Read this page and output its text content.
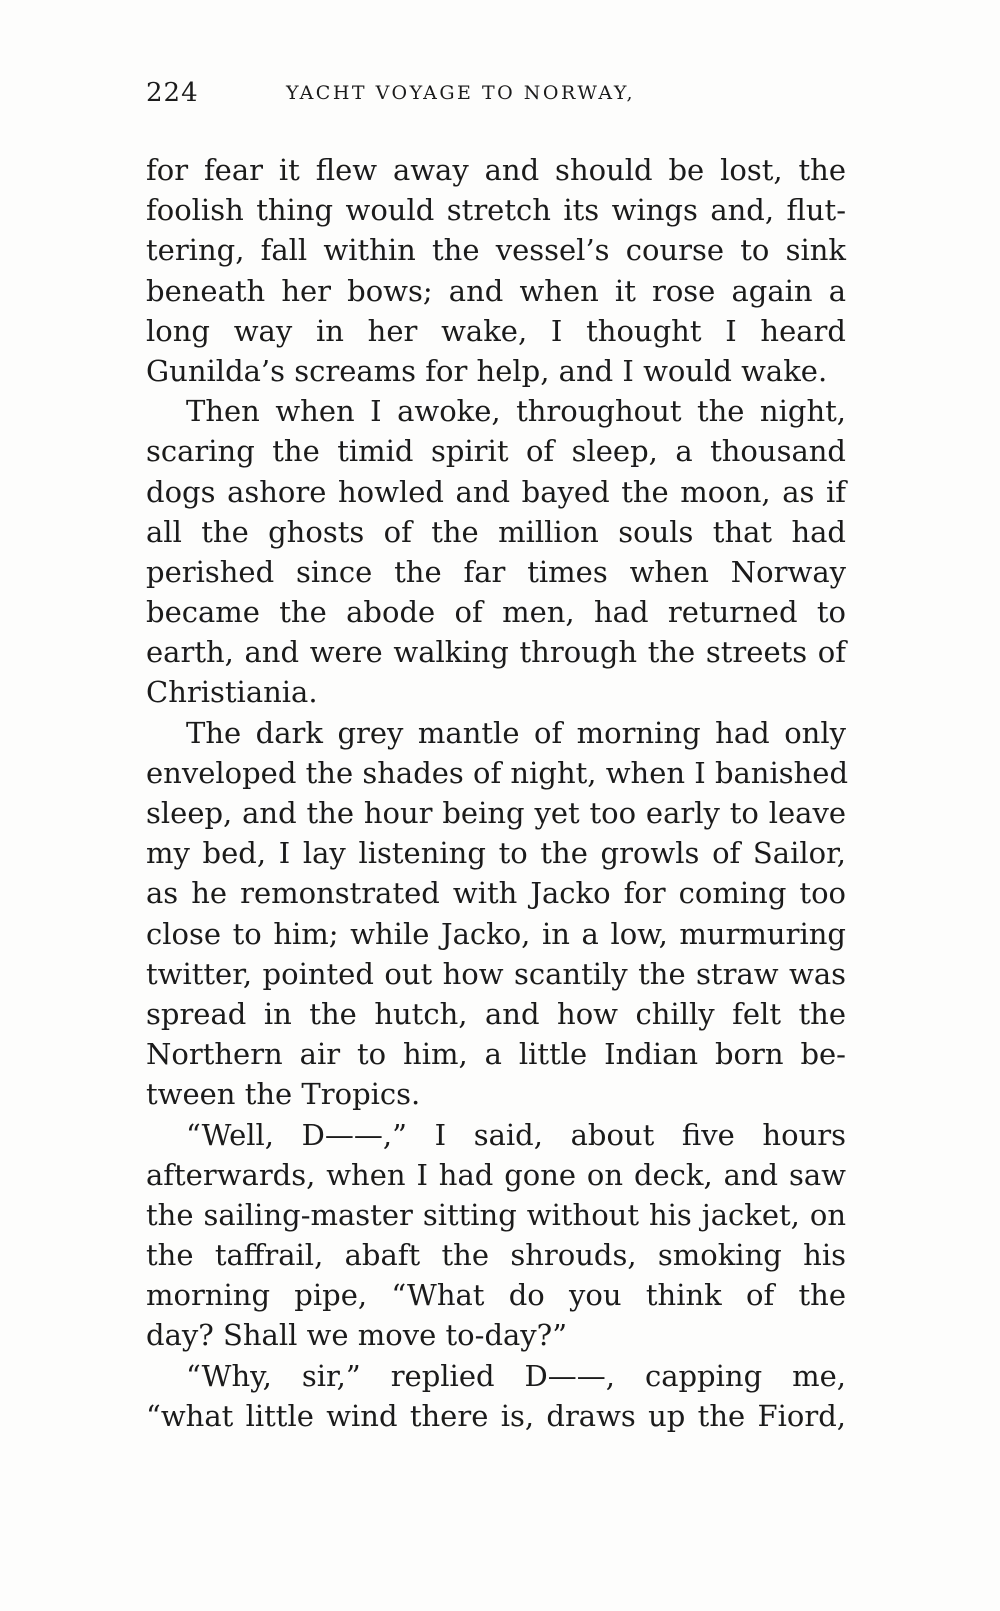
224	YACHT VOYAGE TO NORWAY,
for fear it flew away and should be lost, the
foolish thing would stretch its wings and, flut-
tering, fall within the vessel’s course to sink
beneath her bows; and when it rose again a
long way in her wake, I thought I heard
Gunilda’s screams for help, and I would wake.
Then when I awoke, throughout the night,
scaring the timid spirit of sleep, a thousand
dogs ashore howled and bayed the moon, as if
all the ghosts of the million souls that had
perished since the far times when Norway
became the abode of men, had returned to
earth, and were walking through the streets of
Christiania.
The dark grey mantle of morning had only
enveloped the shades of night, when I banished
sleep, and the hour being yet too early to leave
my bed, I lay listening to the growls of Sailor,
as he remonstrated with Jacko for coming too
close to him; while Jacko, in a low, murmuring
twitter, pointed out how scantily the straw was
spread in the hutch, and how chilly felt the
Northern air to him, a little Indian born be-
tween the Tropics.
“Well, D——,” I said, about five hours
afterwards, when I had gone on deck, and saw
the sailing-master sitting without his jacket, on
the taffrail, abaft the shrouds, smoking his
morning pipe, “What do you think of the
day? Shall we move to-day?”
“Why, sir,” replied D——, capping me,
“what little wind there is, draws up the Fiord,
